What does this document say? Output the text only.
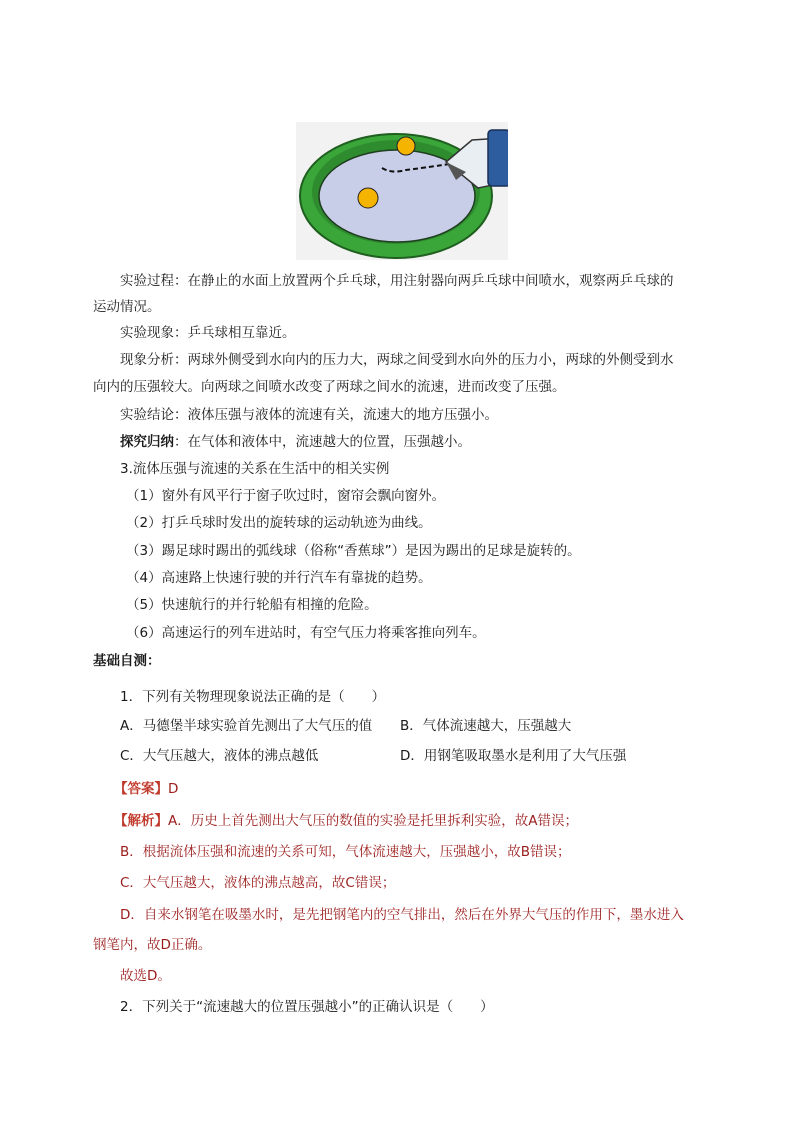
实验过程：在静止的水面上放置两个乒乓球，用注射器向两乒乓球中间喷水，观察两乒乓球的
运动情况。
实验现象：乒乓球相互靠近。
现象分析：两球外侧受到水向内的压力大，两球之间受到水向外的压力小，两球的外侧受到水
向内的压强较大。向两球之间喷水改变了两球之间水的流速，进而改变了压强。
实验结论：液体压强与液体的流速有关，流速大的地方压强小。
探究归纳：在气体和液体中，流速越大的位置，压强越小。
3.流体压强与流速的关系在生活中的相关实例
（1）窗外有风平行于窗子吹过时，窗帘会飘向窗外。
（2）打乒乓球时发出的旋转球的运动轨迹为曲线。
（3）踢足球时踢出的弧线球（俗称“香蕉球”）是因为踢出的足球是旋转的。
（4）高速路上快速行驶的并行汽车有靠拢的趋势。
（5）快速航行的并行轮船有相撞的危险。
（6）高速运行的列车进站时，有空气压力将乘客推向列车。
基础自测：
1．下列有关物理现象说法正确的是（　　）
A．马德堡半球实验首先测出了大气压的值 B．气体流速越大，压强越大
C．大气压越大，液体的沸点越低	D．用钢笔吸取墨水是利用了大气压强
【答案】D
【解析】A．历史上首先测出大气压的数值的实验是托里拆利实验，故A错误；
B．根据流体压强和流速的关系可知，气体流速越大，压强越小，故B错误；
C．大气压越大，液体的沸点越高，故C错误；
D．自来水钢笔在吸墨水时，是先把钢笔内的空气排出，然后在外界大气压的作用下，墨水进入
钢笔内，故D正确。
故选D。
2．下列关于“流速越大的位置压强越小”的正确认识是（　　）
